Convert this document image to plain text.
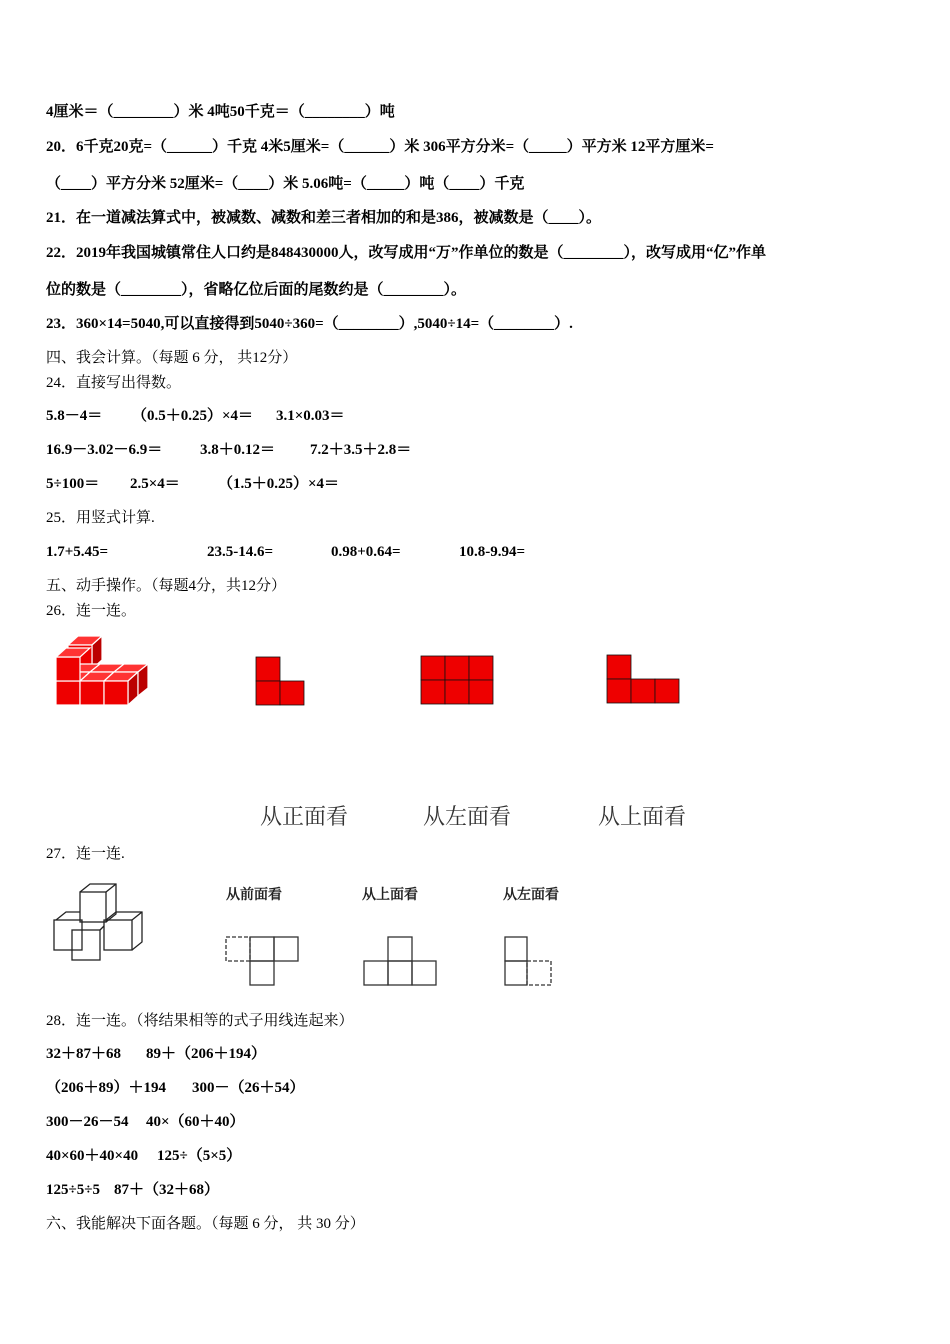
4厘米＝（________）米 4吨50千克＝（________）吨
20．6千克20克=（______）千克 4米5厘米=（______）米 306平方分米=（_____）平方米 12平方厘米=
（____）平方分米 52厘米=（____）米 5.06吨=（_____）吨（____）千克
21．在一道减法算式中，被减数、减数和差三者相加的和是386，被减数是（____）。
22．2019年我国城镇常住人口约是848430000人，改写成用“万”作单位的数是（________），改写成用“亿”作单
位的数是（________），省略亿位后面的尾数约是（________）。
23．360×14=5040,可以直接得到5040÷360=（________）,5040÷14=（________）.
四、我会计算。（每题 6 分， 共12分）
24．直接写出得数。
5.8－4＝ （0.5＋0.25）×4＝ 3.1×0.03＝
16.9－3.02－6.9＝	3.8＋0.12＝ 7.2＋3.5＋2.8＝
5÷100＝ 2.5×4＝	（1.5＋0.25）×4＝
25．用竖式计算.
1.7+5.45=	23.5-14.6=	0.98+0.64=	10.8-9.94=
五、动手操作。（每题4分，共12分）
26．连一连。
从正面看	从左面看	从上面看
27．连一连.
从前面看	从上面看	从左面看
28．连一连。（将结果相等的式子用线连起来）
32＋87＋68 89＋（206＋194）
（206＋89）＋194 300－（26＋54）
300－26－54 40×（60＋40）
40×60＋40×40 125÷（5×5）
125÷5÷5 87＋（32＋68）
六、我能解决下面各题。（每题 6 分， 共 30 分）
